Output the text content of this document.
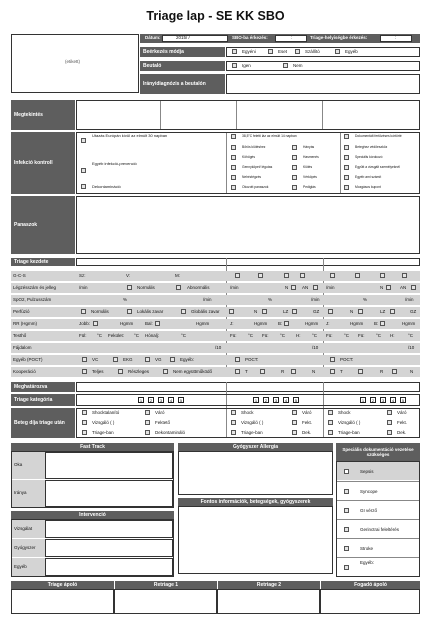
Triage lap - SE KK SBO
(etikett)
Dátum:	2015/ /	SBO-ba érkezés:	:	Triage-helyiségbe érkezés:	:
Beérkezés módja	Egyéni	Eset	Szállító	Egyéb
Beutaló	Igen	Nem
Irányidiagnózis a beutalón
Megtekintés
Infekció kontroll
Utazás Európán kívül az elmúlt 30 napban
Egyéb infekció-prevenció
Dekontamináció
38,5°C feletti láz az elmúlt 14 napban
Bőrös kiütéshez
Köhögés
Gennyköpet/ légutas
Nehézlégzés
Okozott panaszok
Hányás
Hasmenés
Kiütés
Vérköpés
Pediglás
Dokumentált fertőzéses kórtörté
Beteghez védőeszköz
Speciális kórokozó
Együtt a vizsgált személyeknél
Egyéb ami számít
Mozgásos kupont
Panaszok
Triage kezdete
G-C-S	Sz:	V:	M:
Légzésszám és jelleg	/min	Normális	Abnormális	/min	N	AN	/min	N	AN
SpO2, Pulzusszám	%	/min	%	/min	%	/min
Perfúzió	Normális	Lokális zavar	Globális zavar	N	LZ	GZ	N	LZ	GZ
RR (Hgmm)	Jobb:	Hgmm	Bal:	Hgmm	J:	Hgmm B:	Hgmm J:	Hgmm B:	Hgmm
Testhő	Fül: °C Fekület: °C Hónalj:	°C	Fü:	°C Fü:	°C H:	°C Fü:	°C Fü:	°C H:	°C
Fájdalom	/10	/10	/10
Egyéb (POCT)	VC	EKG	VG	Egyéb:	POCT:	POCT:
Kooperáció	Teljes	Részleges	Nem együttműködő	T	R	N	T	R	N
Meghatározva
Triage kategória	1	2	3	4	5	1	2	3	4	5	1	2	3	4	5
Beteg díja triage után
Shocktalanító
Vizsgáló ( )
Triage-ban
Váró
Fektető
Dekontamináló
Shock
Vizsgáló ( )
Triage-ban
Váró
Fekt.
Dek.
Shock
Vizsgáló ( )
Triage-ban
Váró
Fekt.
Dek.
Fast Track
Oka
Iránya
Gyógyszer Allergia
Fontos információk, betegségek, gyógyszerek
Intervenció
Vizsgálat
Gyógyszer
Egyéb
Speciális dokumentáció vezetése szükséges
Sepsis
Syncope
GI vérző
Gerinctrai feleltérés
Stroke
Egyéb:
Triage ápoló	Retriage 1	Retriage 2	Fogadó ápoló
